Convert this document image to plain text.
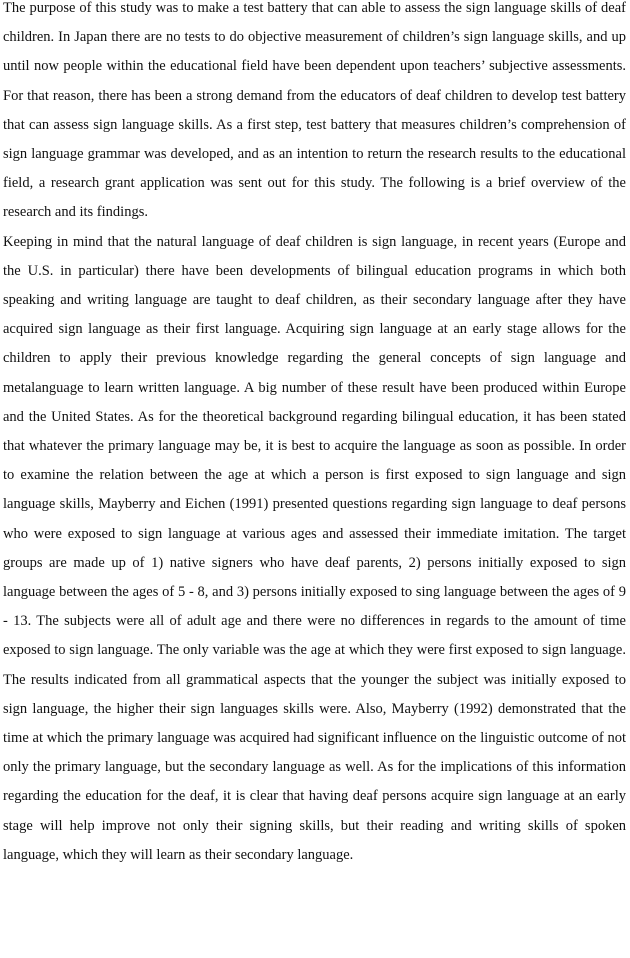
The purpose of this study was to make a test battery that can able to assess the sign language skills of deaf children. In Japan there are no tests to do objective measurement of children’s sign language skills, and up until now people within the educational field have been dependent upon teachers’ subjective assessments. For that reason, there has been a strong demand from the educators of deaf children to develop test battery that can assess sign language skills. As a first step, test battery that measures children’s comprehension of sign language grammar was developed, and as an intention to return the research results to the educational field, a research grant application was sent out for this study. The following is a brief overview of the research and its findings.

Keeping in mind that the natural language of deaf children is sign language, in recent years (Europe and the U.S. in particular) there have been developments of bilingual education programs in which both speaking and writing language are taught to deaf children, as their secondary language after they have acquired sign language as their first language. Acquiring sign language at an early stage allows for the children to apply their previous knowledge regarding the general concepts of sign language and metalanguage to learn written language. A big number of these result have been produced within Europe and the United States. As for the theoretical background regarding bilingual education, it has been stated that whatever the primary language may be, it is best to acquire the language as soon as possible. In order to examine the relation between the age at which a person is first exposed to sign language and sign language skills, Mayberry and Eichen (1991) presented questions regarding sign language to deaf persons who were exposed to sign language at various ages and assessed their immediate imitation. The target groups are made up of 1) native signers who have deaf parents, 2) persons initially exposed to sign language between the ages of 5 - 8, and 3) persons initially exposed to sing language between the ages of 9 - 13. The subjects were all of adult age and there were no differences in regards to the amount of time exposed to sign language. The only variable was the age at which they were first exposed to sign language. The results indicated from all grammatical aspects that the younger the subject was initially exposed to sign language, the higher their sign languages skills were. Also, Mayberry (1992) demonstrated that the time at which the primary language was acquired had significant influence on the linguistic outcome of not only the primary language, but the secondary language as well. As for the implications of this information regarding the education for the deaf, it is clear that having deaf persons acquire sign language at an early stage will help improve not only their signing skills, but their reading and writing skills of spoken language, which they will learn as their secondary language.
